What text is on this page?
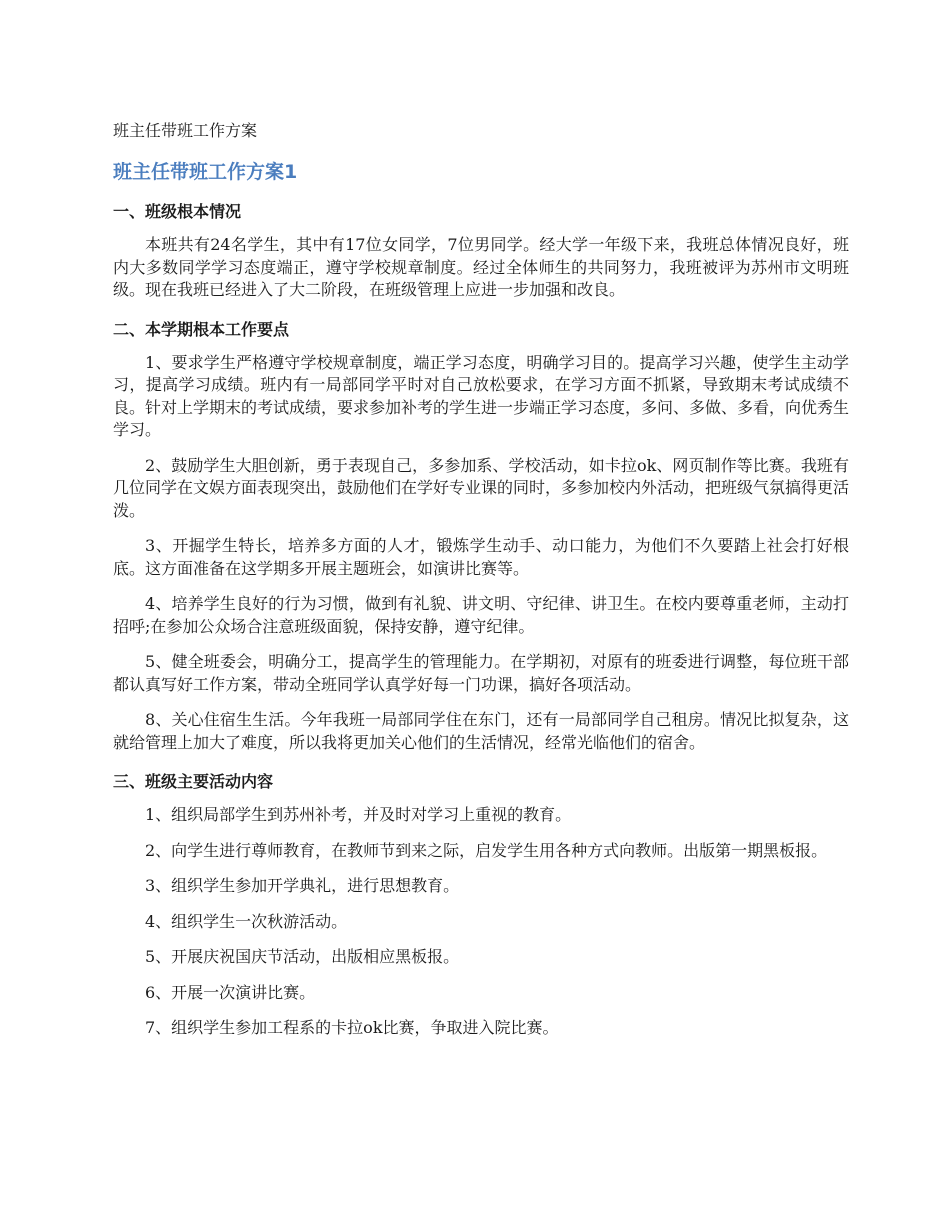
班主任带班工作方案
班主任带班工作方案1
一、班级根本情况

本班共有24名学生，其中有17位女同学，7位男同学。经大学一年级下来，我班总体情况良好，班内大多数同学学习态度端正，遵守学校规章制度。经过全体师生的共同努力，我班被评为苏州市文明班级。现在我班已经进入了大二阶段，在班级管理上应进一步加强和改良。

二、本学期根本工作要点

1、要求学生严格遵守学校规章制度，端正学习态度，明确学习目的。提高学习兴趣，使学生主动学习，提高学习成绩。班内有一局部同学平时对自己放松要求，在学习方面不抓紧，导致期末考试成绩不良。针对上学期末的考试成绩，要求参加补考的学生进一步端正学习态度，多问、多做、多看，向优秀生学习。

2、鼓励学生大胆创新，勇于表现自己，多参加系、学校活动，如卡拉ok、网页制作等比赛。我班有几位同学在文娱方面表现突出，鼓励他们在学好专业课的同时，多参加校内外活动，把班级气氛搞得更活泼。

3、开掘学生特长，培养多方面的人才，锻炼学生动手、动口能力，为他们不久要踏上社会打好根底。这方面准备在这学期多开展主题班会，如演讲比赛等。

4、培养学生良好的行为习惯，做到有礼貌、讲文明、守纪律、讲卫生。在校内要尊重老师，主动打招呼;在参加公众场合注意班级面貌，保持安静，遵守纪律。

5、健全班委会，明确分工，提高学生的管理能力。在学期初，对原有的班委进行调整，每位班干部都认真写好工作方案，带动全班同学认真学好每一门功课，搞好各项活动。

8、关心住宿生生活。今年我班一局部同学住在东门，还有一局部同学自己租房。情况比拟复杂，这就给管理上加大了难度，所以我将更加关心他们的生活情况，经常光临他们的宿舍。

三、班级主要活动内容

1、组织局部学生到苏州补考，并及时对学习上重视的教育。

2、向学生进行尊师教育，在教师节到来之际，启发学生用各种方式向教师。出版第一期黑板报。

3、组织学生参加开学典礼，进行思想教育。

4、组织学生一次秋游活动。

5、开展庆祝国庆节活动，出版相应黑板报。

6、开展一次演讲比赛。

7、组织学生参加工程系的卡拉ok比赛，争取进入院比赛。
